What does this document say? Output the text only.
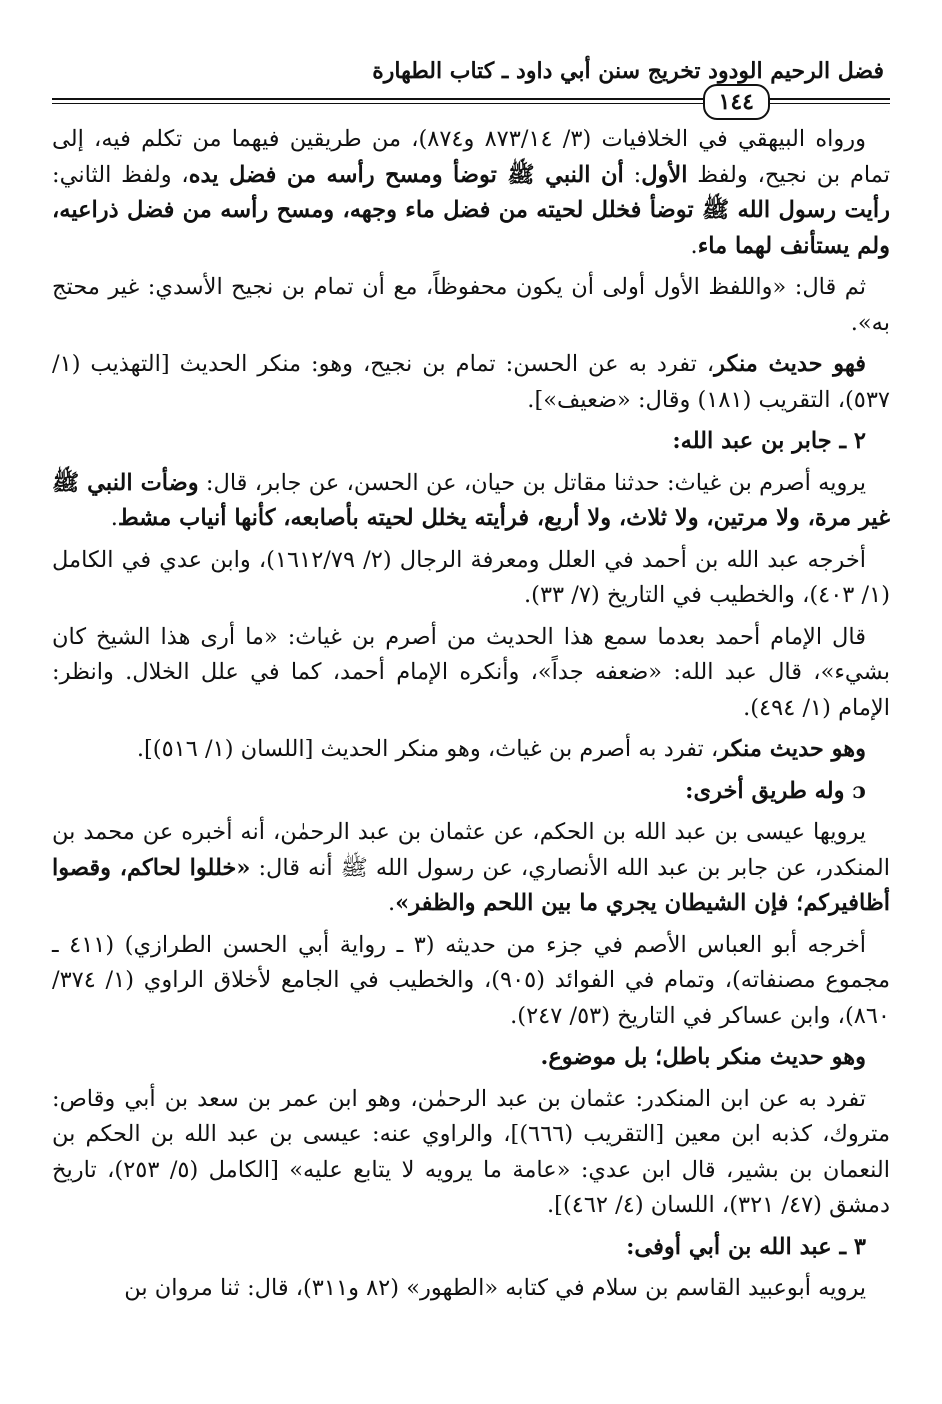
فضل الرحيم الودود تخريج سنن أبي داود ـ كتاب الطهارة
١٤٤

ورواه البيهقي في الخلافيات (٣/ ٨٧٣/١٤ و٨٧٤)، من طريقين فيهما من تكلم فيه، إلى تمام بن نجيح، ولفظ الأول: أن النبي ﷺ توضأ ومسح رأسه من فضل يده، ولفظ الثاني: رأيت رسول الله ﷺ توضأ فخلل لحيته من فضل ماء وجهه، ومسح رأسه من فضل ذراعيه، ولم يستأنف لهما ماء.

ثم قال: «واللفظ الأول أولى أن يكون محفوظاً، مع أن تمام بن نجيح الأسدي: غير محتج به».

فهو حديث منكر، تفرد به عن الحسن: تمام بن نجيح، وهو: منكر الحديث [التهذيب (١/ ٥٣٧)، التقريب (١٨١) وقال: «ضعيف»].

٢ ـ جابر بن عبد الله:

يرويه أصرم بن غياث: حدثنا مقاتل بن حيان، عن الحسن، عن جابر، قال: وضأت النبي ﷺ غير مرة، ولا مرتين، ولا ثلاث، ولا أربع، فرأيته يخلل لحيته بأصابعه، كأنها أنياب مشط.

أخرجه عبد الله بن أحمد في العلل ومعرفة الرجال (٢/ ١٦١٢/٧٩)، وابن عدي في الكامل (١/ ٤٠٣)، والخطيب في التاريخ (٧/ ٣٣).

قال الإمام أحمد بعدما سمع هذا الحديث من أصرم بن غياث: «ما أرى هذا الشيخ كان بشيء»، قال عبد الله: «ضعفه جداً»، وأنكره الإمام أحمد، كما في علل الخلال. وانظر: الإمام (١/ ٤٩٤).

وهو حديث منكر، تفرد به أصرم بن غياث، وهو منكر الحديث [اللسان (١/ ٥١٦)].

ɔ وله طريق أخرى:

يرويها عيسى بن عبد الله بن الحكم، عن عثمان بن عبد الرحمٰن، أنه أخبره عن محمد بن المنكدر، عن جابر بن عبد الله الأنصاري، عن رسول الله ﷺ أنه قال: «خللوا لحاكم، وقصوا أظافيركم؛ فإن الشيطان يجري ما بين اللحم والظفر».

أخرجه أبو العباس الأصم في جزء من حديثه (٣ ـ رواية أبي الحسن الطرازي) (٤١١ ـ مجموع مصنفاته)، وتمام في الفوائد (٩٠٥)، والخطيب في الجامع لأخلاق الراوي (١/ ٣٧٤/ ٨٦٠)، وابن عساكر في التاريخ (٥٣/ ٢٤٧).

وهو حديث منكر باطل؛ بل موضوع.

تفرد به عن ابن المنكدر: عثمان بن عبد الرحمٰن، وهو ابن عمر بن سعد بن أبي وقاص: متروك، كذبه ابن معين [التقريب (٦٦٦)]، والراوي عنه: عيسى بن عبد الله بن الحكم بن النعمان بن بشير، قال ابن عدي: «عامة ما يرويه لا يتابع عليه» [الكامل (٥/ ٢٥٣)، تاريخ دمشق (٤٧/ ٣٢١)، اللسان (٤/ ٤٦٢)].

٣ ـ عبد الله بن أبي أوفى:

يرويه أبوعبيد القاسم بن سلام في كتابه «الطهور» (٨٢ و٣١١)، قال: ثنا مروان بن
